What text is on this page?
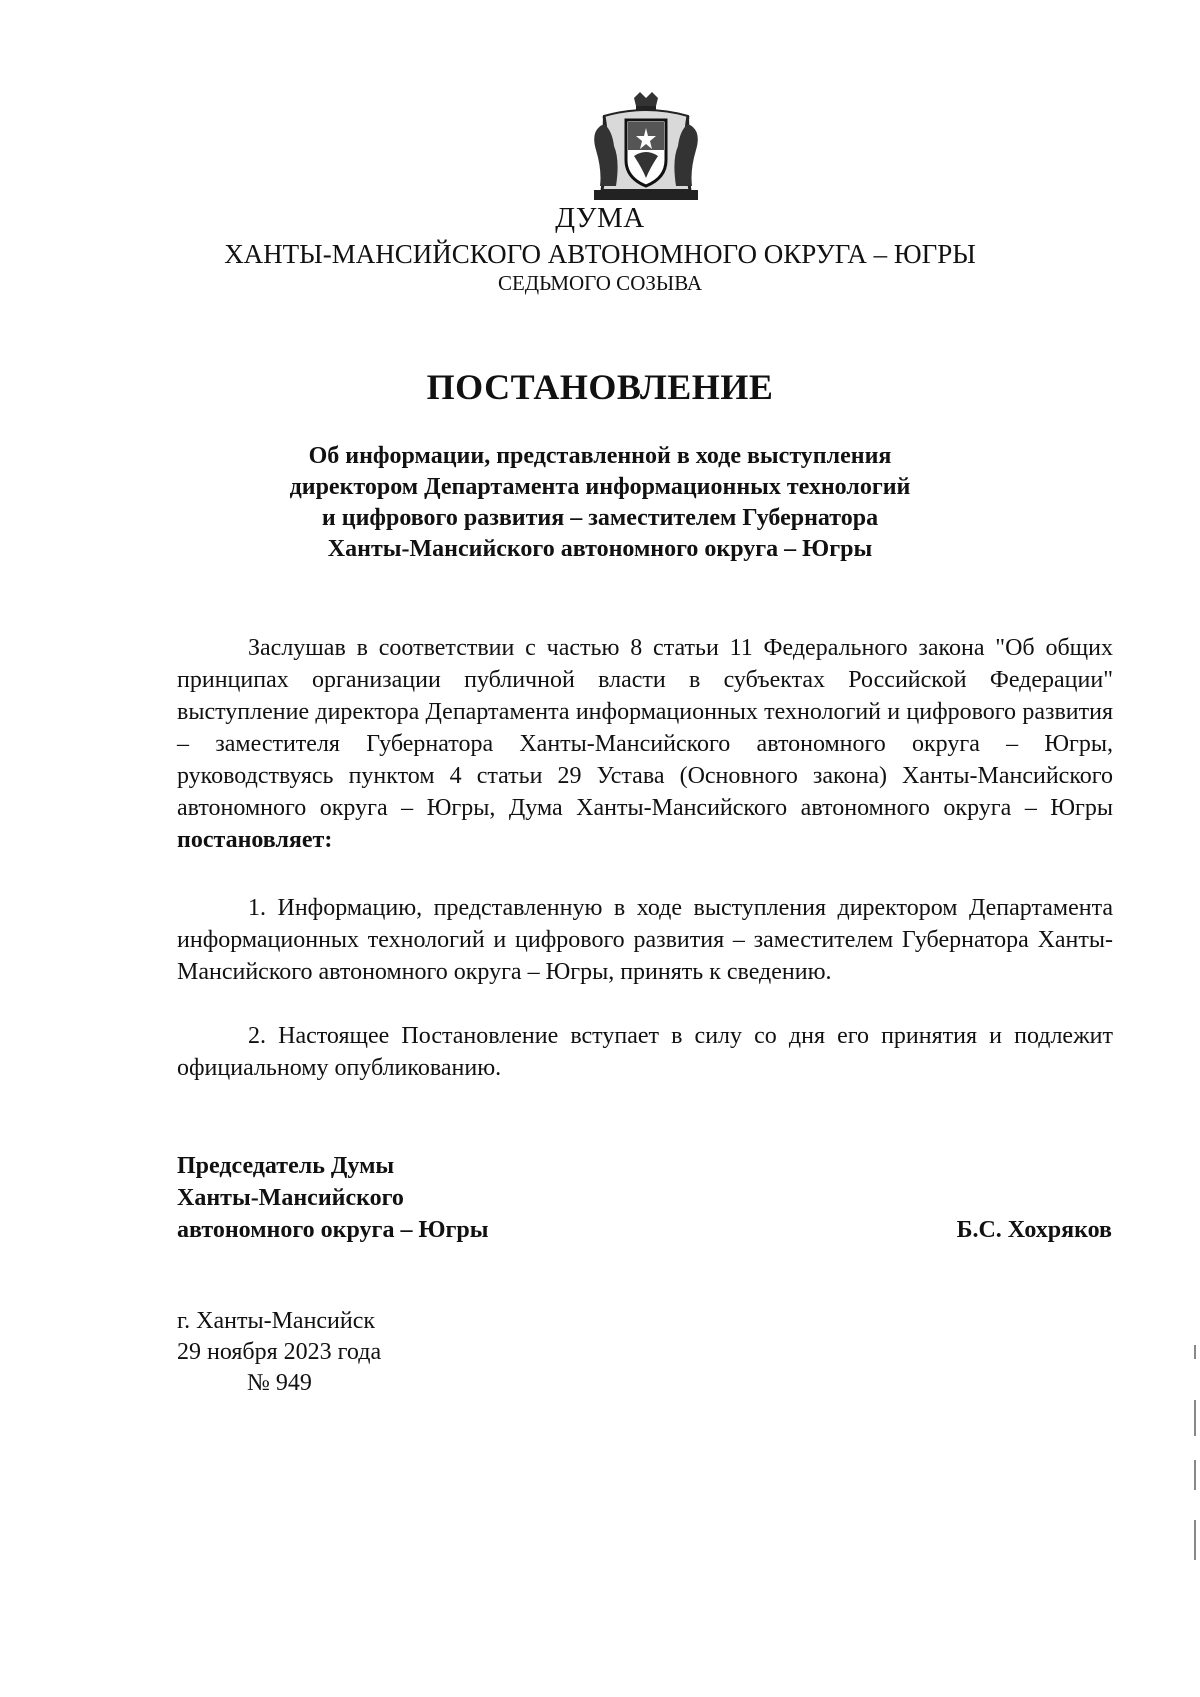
ДУМА
ХАНТЫ-МАНСИЙСКОГО АВТОНОМНОГО ОКРУГА – ЮГРЫ
СЕДЬМОГО СОЗЫВА
ПОСТАНОВЛЕНИЕ
Об информации, представленной в ходе выступления
директором Департамента информационных технологий
и цифрового развития – заместителем Губернатора
Ханты-Мансийского автономного округа – Югры

Заслушав в соответствии с частью 8 статьи 11 Федерального закона "Об общих принципах организации публичной власти в субъектах Российской Федерации" выступление директора Департамента информационных технологий и цифрового развития – заместителя Губернатора Ханты-Мансийского автономного округа – Югры, руководствуясь пунктом 4 статьи 29 Устава (Основного закона) Ханты-Мансийского автономного округа – Югры, Дума Ханты-Мансийского автономного округа – Югры постановляет:

1. Информацию, представленную в ходе выступления директором Департамента информационных технологий и цифрового развития – заместителем Губернатора Ханты-Мансийского автономного округа – Югры, принять к сведению.

2. Настоящее Постановление вступает в силу со дня его принятия и подлежит официальному опубликованию.

Председатель Думы
Ханты-Мансийского
автономного округа – Югры	Б.С. Хохряков
г. Ханты-Мансийск
29 ноября 2023 года
№ 949
